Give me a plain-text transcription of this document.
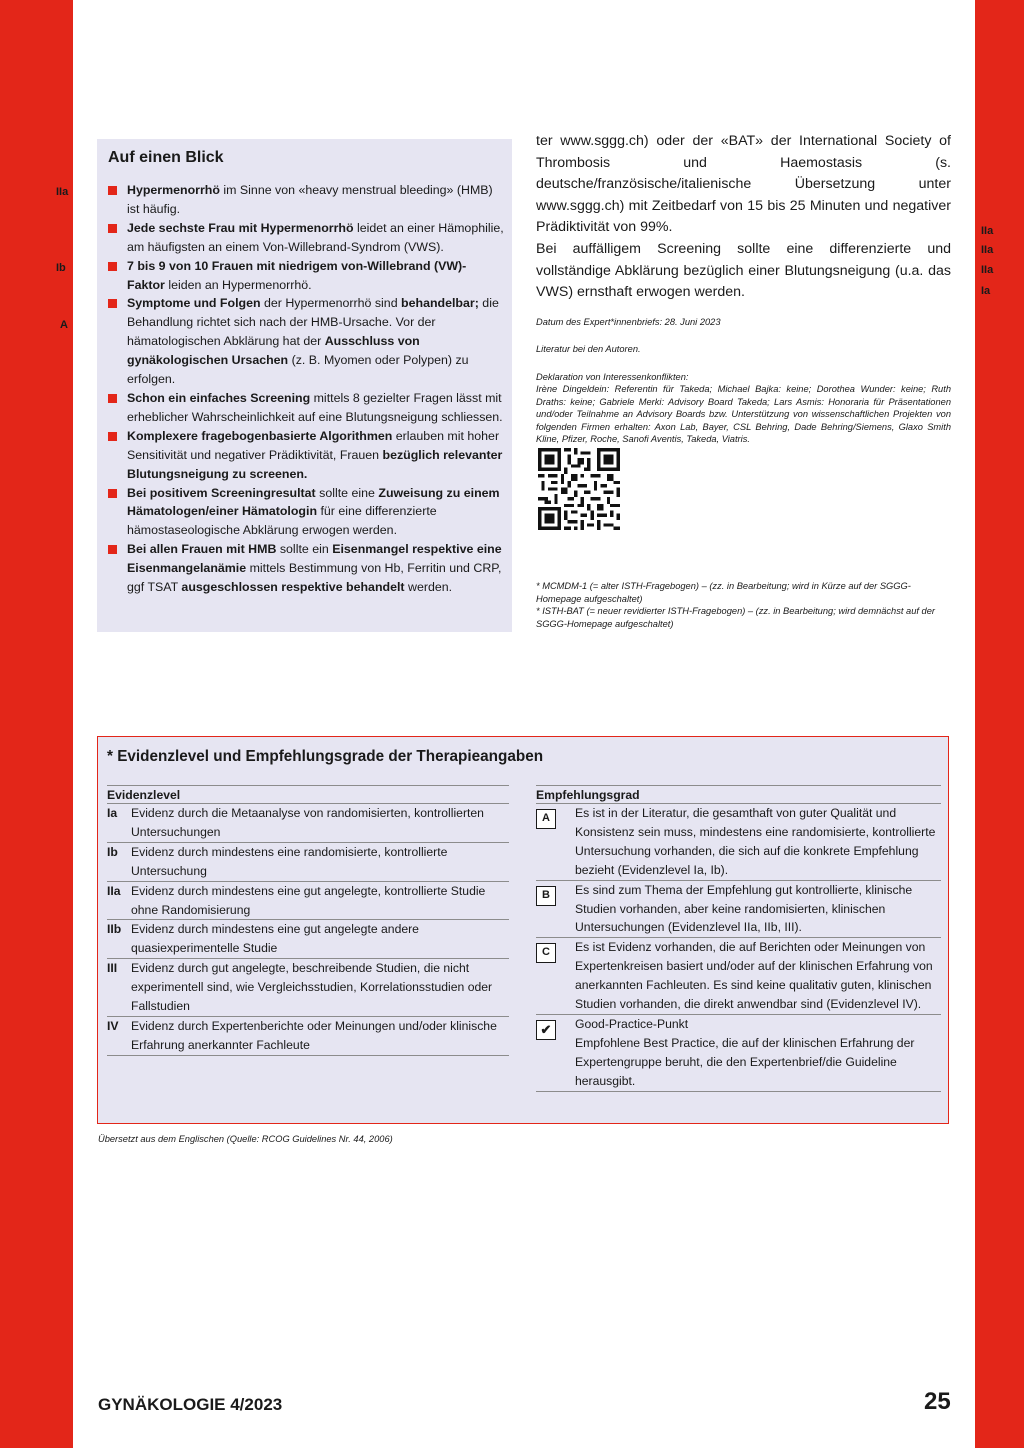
IIa
Ib
A
IIa
IIa
IIa
Ia
Auf einen Blick
Hypermenorrhö im Sinne von «heavy menstrual bleeding» (HMB) ist häufig.
Jede sechste Frau mit Hypermenorrhö leidet an einer Hämophilie, am häufigsten an einem Von-Willebrand-Syndrom (VWS).
7 bis 9 von 10 Frauen mit niedrigem von-Willebrand (VW)-Faktor leiden an Hypermenorrhö.
Symptome und Folgen der Hypermenorrhö sind behandelbar; die Behandlung richtet sich nach der HMB-Ursache. Vor der hämatologischen Abklärung hat der Ausschluss von gynäkologischen Ursachen (z. B. Myomen oder Polypen) zu erfolgen.
Schon ein einfaches Screening mittels 8 gezielter Fragen lässt mit erheblicher Wahrscheinlichkeit auf eine Blutungsneigung schliessen.
Komplexere fragebogenbasierte Algorithmen erlauben mit hoher Sensitivität und negativer Prädiktivität, Frauen bezüglich relevanter Blutungsneigung zu screenen.
Bei positivem Screeningresultat sollte eine Zuweisung zu einem Hämatologen/einer Hämatologin für eine differenzierte hämostaseologische Abklärung erwogen werden.
Bei allen Frauen mit HMB sollte ein Eisenmangel respektive eine Eisenmangelanämie mittels Bestimmung von Hb, Ferritin und CRP, ggf TSAT ausgeschlossen respektive behandelt werden.

ter www.sggg.ch) oder der «BAT» der International Society of Thrombosis und Haemostasis (s. deutsche/französische/italienische Übersetzung unter www.sggg.ch) mit Zeitbedarf von 15 bis 25 Minuten und negativer Prädiktivität von 99%.

Bei auffälligem Screening sollte eine differenzierte und vollständige Abklärung bezüglich einer Blutungsneigung (u.a. das VWS) ernsthaft erwogen werden.

Datum des Expert*innenbriefs: 28. Juni 2023

Literatur bei den Autoren.

Deklaration von Interessenkonflikten:

Irène Dingeldein: Referentin für Takeda; Michael Bajka: keine; Dorothea Wunder: keine; Ruth Draths: keine; Gabriele Merki: Advisory Board Takeda; Lars Asmis: Honoraria für Präsentationen und/oder Teilnahme an Advisory Boards bzw. Unterstützung von wissenschaftlichen Projekten von folgenden Firmen erhalten: Axon Lab, Bayer, CSL Behring, Dade Behring/Siemens, Glaxo Smith Kline, Pfizer, Roche, Sanofi Aventis, Takeda, Viatris.

* MCMDM-1 (= alter ISTH-Fragebogen) – (zz. in Bearbeitung; wird in Kürze auf der SGGG-Homepage aufgeschaltet)

* ISTH-BAT (= neuer revidierter ISTH-Fragebogen) – (zz. in Bearbeitung; wird demnächst auf der SGGG-Homepage aufgeschaltet)

* Evidenzlevel und Empfehlungsgrade der Therapieangaben
Evidenzlevel
Ia	Evidenz durch die Metaanalyse von randomisierten, kontrollierten Untersuchungen
Ib	Evidenz durch mindestens eine randomisierte, kontrollierte Untersuchung
IIa Evidenz durch mindestens eine gut angelegte, kontrollierte Studie ohne Randomisierung
IIb Evidenz durch mindestens eine gut angelegte andere quasiexperimentelle Studie
III	Evidenz durch gut angelegte, beschreibende Studien, die nicht experimentell sind, wie Vergleichsstudien, Korrelationsstudien oder Fallstudien
IV	Evidenz durch Expertenberichte oder Meinungen und/oder klinische Erfahrung anerkannter Fachleute
Empfehlungsgrad
A	Es ist in der Literatur, die gesamthaft von guter Qualität und Konsistenz sein muss, mindestens eine randomisierte, kontrollierte Untersuchung vorhanden, die sich auf die konkrete Empfehlung bezieht (Evidenzlevel Ia, Ib).
B	Es sind zum Thema der Empfehlung gut kontrollierte, klinische Studien vorhanden, aber keine randomisierten, klinischen Untersuchungen (Evidenzlevel IIa, IIb, III).
C	Es ist Evidenz vorhanden, die auf Berichten oder Meinungen von Expertenkreisen basiert und/oder auf der klinischen Erfahrung von anerkannten Fachleuten. Es sind keine qualitativ guten, klinischen Studien vorhanden, die direkt anwendbar sind (Evidenzlevel IV).
✔	Good-Practice-Punkt
Empfohlene Best Practice, die auf der klinischen Erfahrung der Expertengruppe beruht, die den Expertenbrief/die Guideline herausgibt.
Übersetzt aus dem Englischen (Quelle: RCOG Guidelines Nr. 44, 2006)
GYNÄKOLOGIE 4/2023	25
